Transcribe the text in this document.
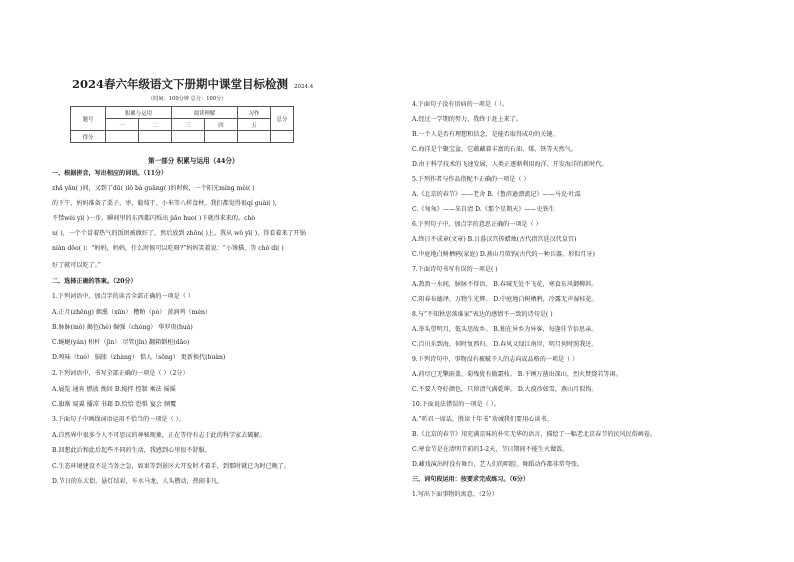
2024春六年级语文下册期中课堂目标检测 2024.4
（时间：100分钟 总分：100分）
题号	积累与运用		阅读理解		习作	总分
	一	二	三	四	五
得分						
第一部分 积累与运用（44分）
一、根据拼音，写出相应的词语。（11分）
zhǎ yǎn( )间，又到了dū( )lǒ bà guāng( )的时候，一个阳光míng mèi( )
的下午，妈妈准备了栗子、枣、葡萄干、小米等八样食材。我们都觉得很qí guài( ),
不禁wèi yì( )一步。瞬间里的东西都闪烁出 jiǎo huo( )下就得来来的。chò
u( )，一个个冒着热气的饭团被做好了，然后放到 zhōn( )上。我从 wǒ yī( )，得看着来了开锅
niàn dōo( )：“妈妈，妈妈，什么时候可以吃呀?”妈妈笑着说：“小馋猫，等 chǒ dì( )
好了就可以吃了。”
二、选择正确的答案。（20分）
1.下列词语中，加点字的读音全部正确的一项是（ ）
A.正月(zhēng) 烟熏（xūn） 糟粕（pò） 黄润鸡（mén）
B.脉脉(mò) 揭色(hè) 倔强（chóng） 华罗庚(huà)
C.蜿蜒(yán) 枳杆（jīn） 尽管(jǐn) 翻箱倒柜(dǎo)
D.嗅味（tuò） 脑胀（zhàng） 惦人（sōng） 更新换代(huàn)
2.下列词语中，书写全部正确的一项是（ ）（2分）
A.展览 通宵 燃放 挽回 B.搅拌 控制 乘法 摇摇
C.旗渐 窥翼 播凉 书籍 D.恰恰 恐惧 宴会 倾覆
3.下面句子中画线词语运用不恰当的一项是（ ）。
A.自然界中很多令人不可思议的神秘现象，正在等待有志于此的科学家去破解。
B.回想此后和此后起些不同的生活，我感到心里很不舒服。
C.生态环境建设不是当务之急，如果等到景区大开发时才着手，到那时就已为时已晚了。
D.节日的东大街，悬灯结彩，车水马龙，人头攒动，热闹非凡。
4.下面句子没有语病的一项是（ ）。
A.经过一学期的努力，我终于赶上来了。
B.一个人是否有理想和信念，是能否取得成功的关键。
C.海洋是个聚宝盆，它蕴藏着丰富的石油、煤、铁等天然气。
D.由于科学技术的飞速发展，人类正逐渐利用海洋、开发海洋的新时代。
5.下列作者与作品搭配不正确的一项是（ ）
A.《北京的春节》——老舍 B.《鲁滨逊漂流记》——马克·吐温
C.《匆匆》——朱自清 D.《那个星期天》——史铁生
6.下列句子中，加点字的意思正确的一项是（ ）
A.终日不成章(文章) B.日暮汉宫传蜡烛(古代指宫廷汉代皇宫)
C.中庭地白树栖鸦(家庭) D.燕山月似钩(古代的一种兵器，形似月牙)
7.下面诗句书写有误的一项是( )
A.盈盈一水间，脉脉不得语。 B.春城无处不飞花，寒食东风御柳斜。
C.阳春布德泽，万物生光辉。 D.中庭地白树栖鸦，冷露无声湿桂花。
8.与“不知秋思落谁家”表达的感情不一致的诗句是( )
A.举头望明月，低头思故乡。 B.独在异乡为异客，每逢佳节倍思亲。
C.百川东到海，何时复西归。 D.春风又绿江南岸，明月何时照我还。
9.下列诗句中，事物没有被赋予人的志向或品格的一项是（ ）
A.荷尽已无擎雨盖，菊残犹有傲霜枝。 B.千锤万凿出深山，烈火焚烧若等闲。
C.不要人夸好颜色，只留清气满乾坤。 D.大漠沙如雪，燕山月似钩。
10.下面说法错误的一项是（ ）。
A.“听君一席话，胜读十年书”劝诫我们要用心读书。
B.《北京的春节》用充满京味的朴实无华的语言，描绘了一幅老北京春节的民风民俗画卷。
C.寒食节是在清明节前的1-2天，节日期间不能生火做饭。
D.藏戏演出时没有舞台，艺人们的唱腔、舞蹈动作都非常夸张。
三、词句段运用：按要求完成练习。（6分）
1.写出下面事物的寓意。（2分）
